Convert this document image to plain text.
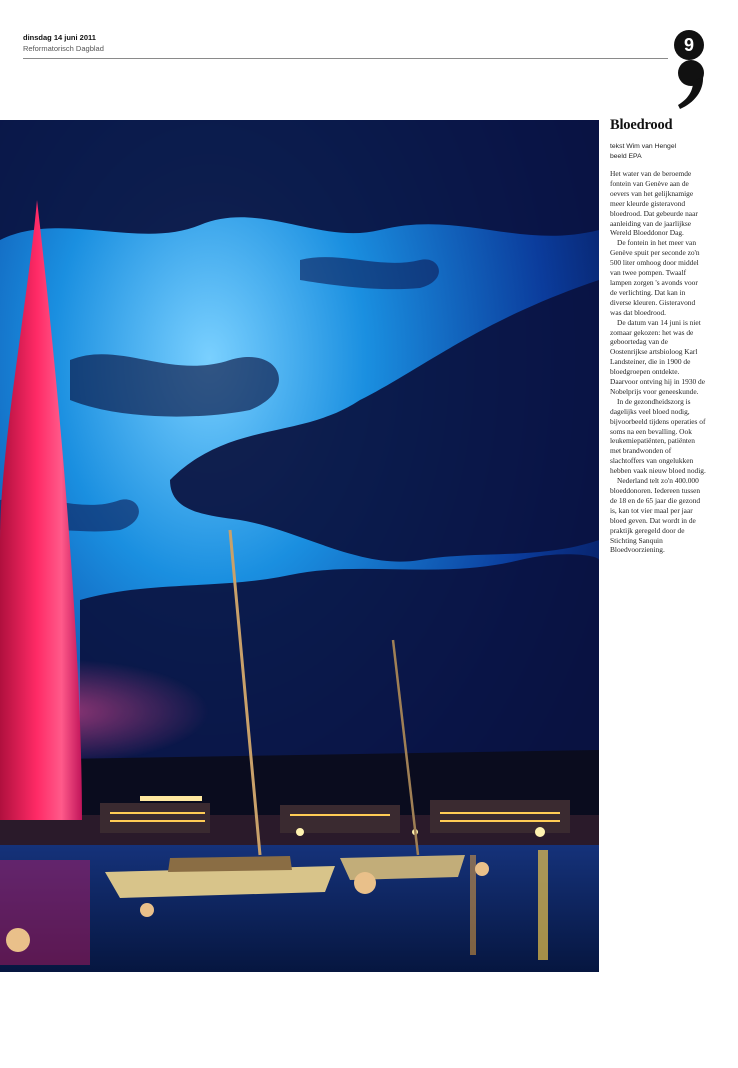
dinsdag 14 juni 2011
Reformatorisch Dagblad	9
Bloedrood
tekst Wim van Hengel
beeld EPA

Het water van de beroemde fontein van Genève aan de oevers van het gelijknamige meer kleurde gisteravond bloedrood. Dat gebeurde naar aanleiding van de jaarlijkse Wereld Bloeddonor Dag.

De fontein in het meer van Genève spuit per seconde zo'n 500 liter omhoog door middel van twee pompen. Twaalf lampen zorgen 's avonds voor de verlichting. Dat kan in diverse kleuren. Gisteravond was dat bloedrood.

De datum van 14 juni is niet zomaar gekozen: het was de geboortedag van de Oostenrijkse artsbioloog Karl Landsteiner, die in 1900 de bloedgroepen ontdekte. Daarvoor ontving hij in 1930 de Nobelprijs voor geneeskunde.

In de gezondheidszorg is dagelijks veel bloed nodig, bijvoorbeeld tijdens operaties of soms na een bevalling. Ook leukemiepatiënten, patiënten met brandwonden of slachtoffers van ongelukken hebben vaak nieuw bloed nodig.

Nederland telt zo'n 400.000 bloeddonoren. Iedereen tussen de 18 en de 65 jaar die gezond is, kan tot vier maal per jaar bloed geven. Dat wordt in de praktijk geregeld door de Stichting Sanquin Bloedvoorziening.
